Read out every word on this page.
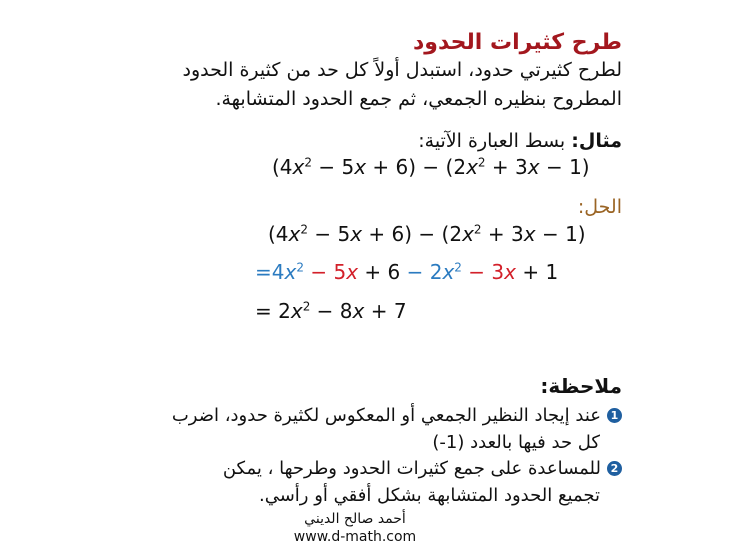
طرح كثيرات الحدود
لطرح كثيرتي حدود، استبدل أولاً كل حد من كثيرة الحدود
المطروح بنظيره الجمعي، ثم جمع الحدود المتشابهة.
مثال: بسط العبارة الآتية:
$(4x^2 - 5x + 6) - (2x^2 + 3x - 1)$
الحل:
$(4x^2 - 5x + 6) - (2x^2 + 3x - 1)$
$=4x^2 - 5x + 6 - 2x^2 - 3x + 1$
= $2x^2 - 8x + 7$
ملاحظة:
1عند إيجاد النظير الجمعي أو المعكوس لكثيرة حدود، اضرب
كل حد فيها بالعدد (1-)
2للمساعدة على جمع كثيرات الحدود وطرحها ، يمكن
تجميع الحدود المتشابهة بشكل أفقي أو رأسي.
أحمد صالح الديني
www.d-math.com
